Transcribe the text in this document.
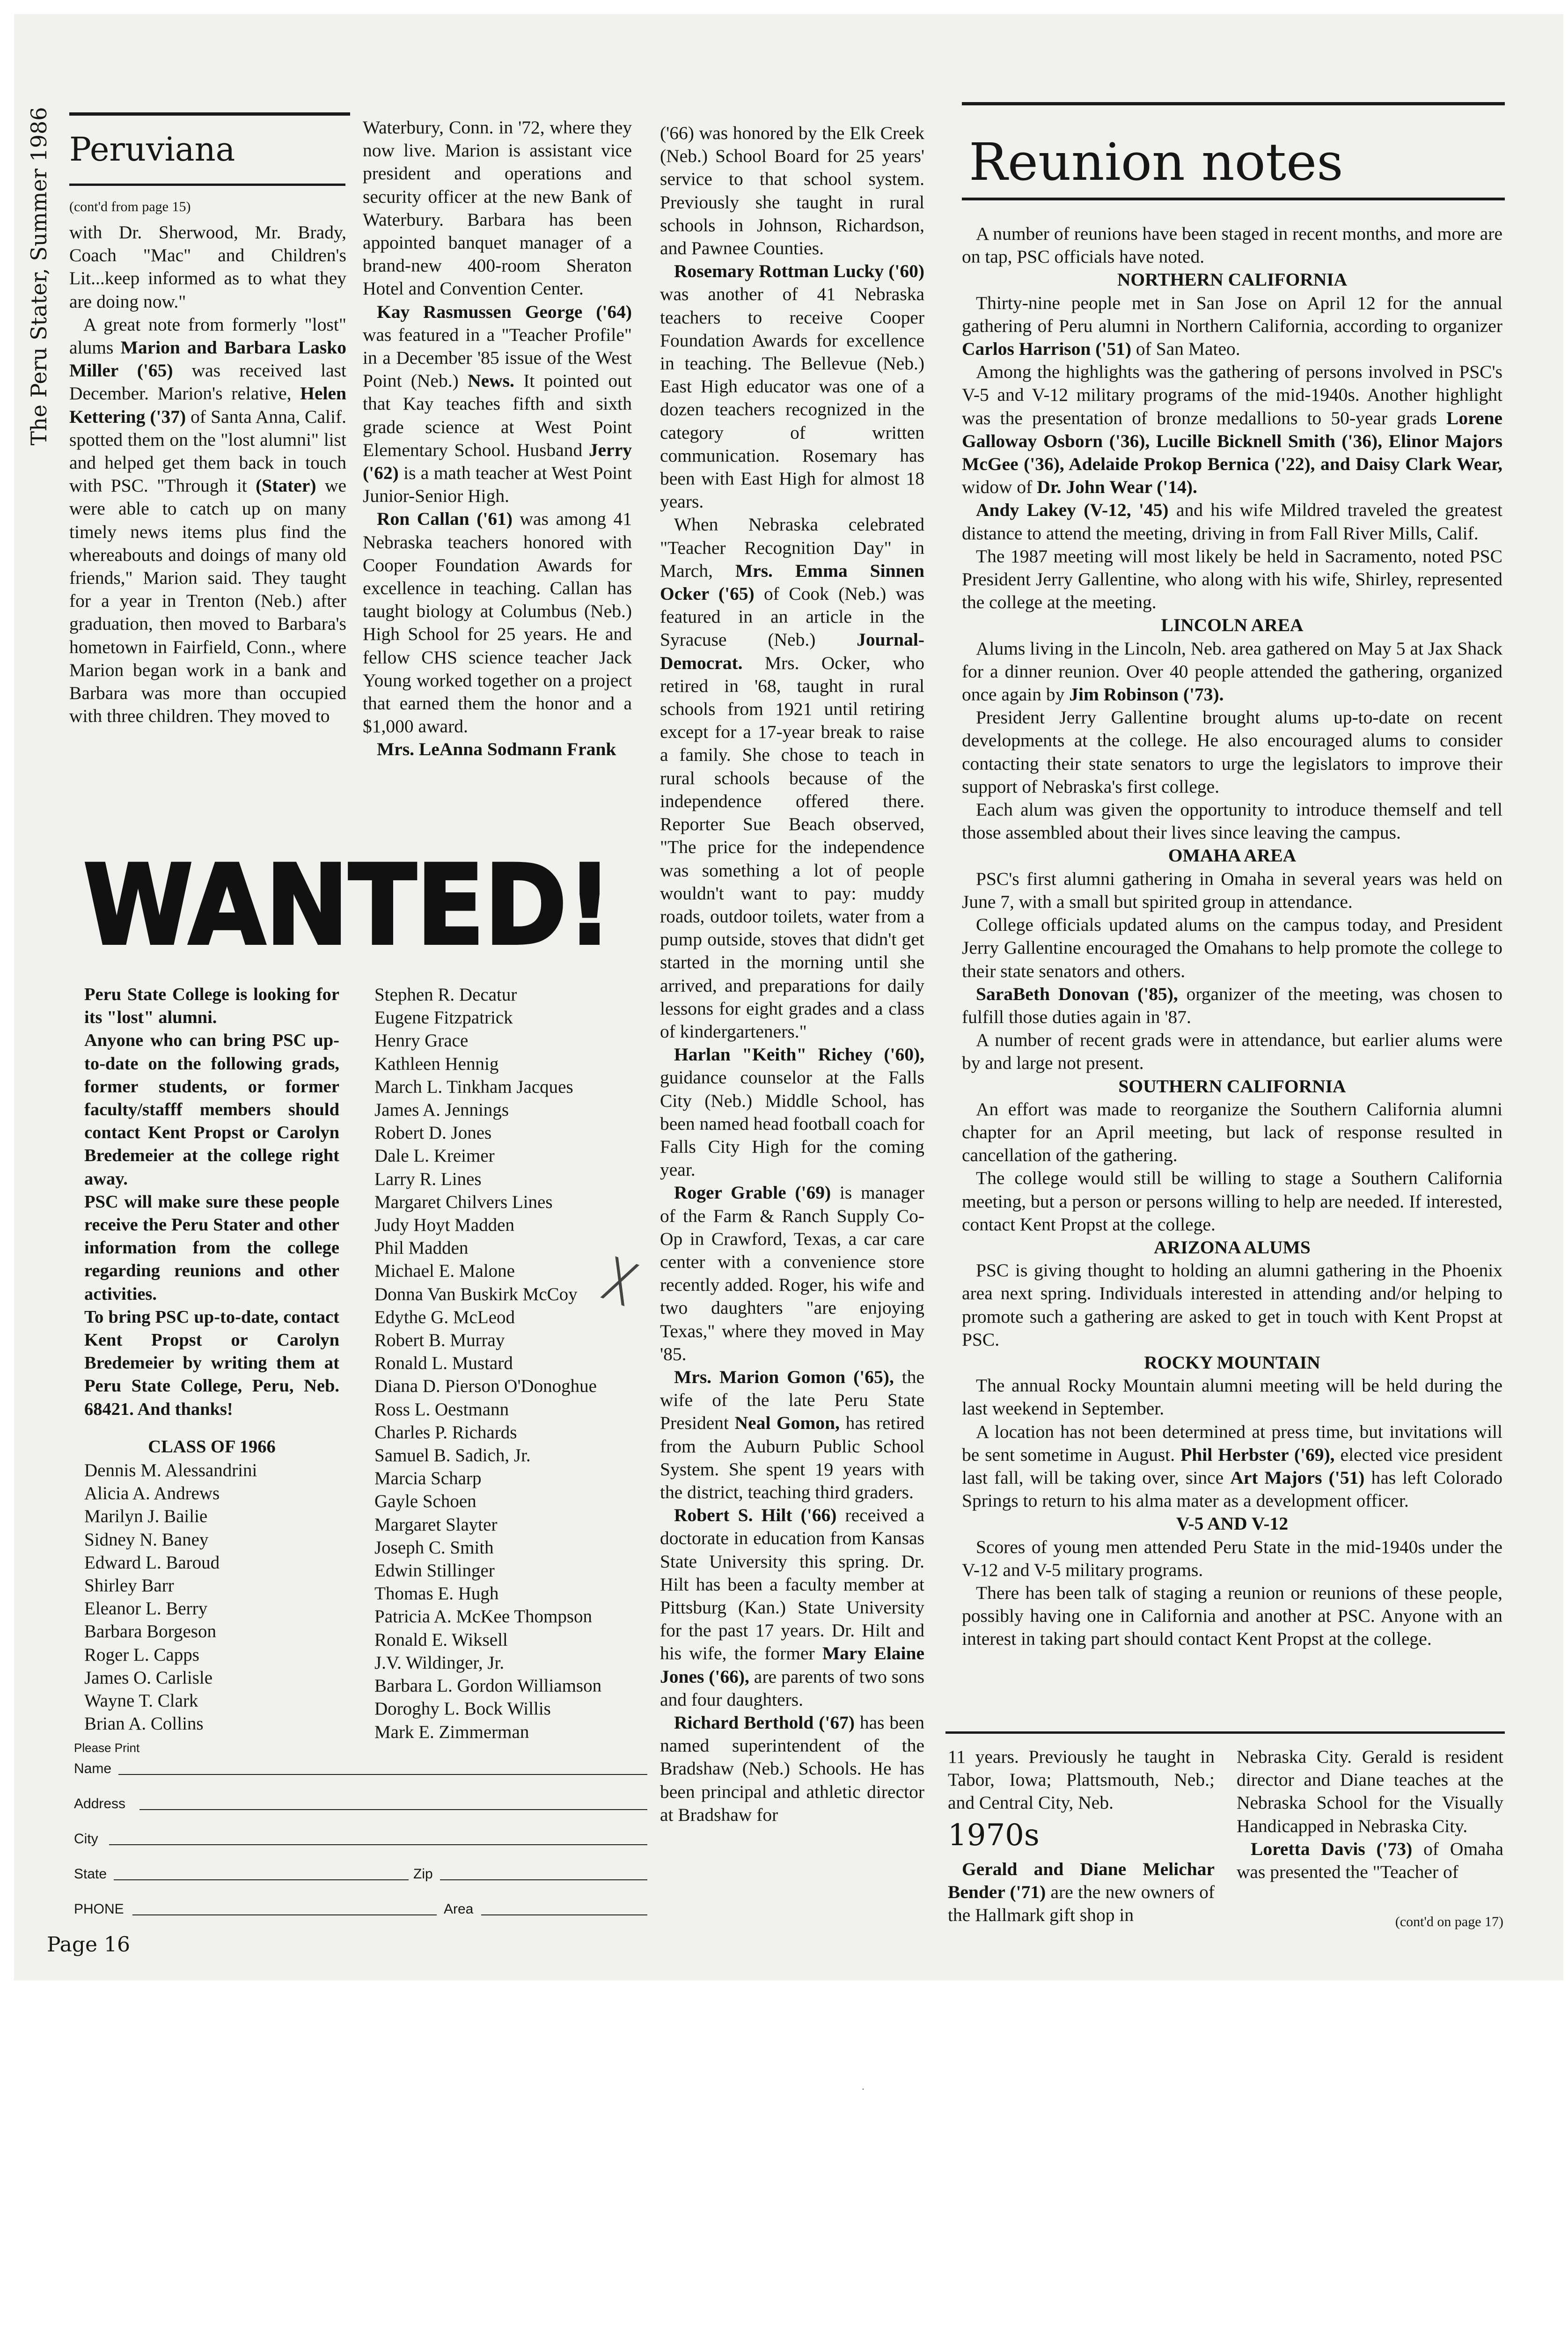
The Peru Stater, Summer 1986 Peruviana
(cont'd from page 15)

with Dr. Sherwood, Mr. Brady, Coach "Mac" and Children's Lit...keep informed as to what they are doing now."

A great note from formerly "lost" alums Marion and Barbara Lasko Miller ('65) was received last December. Marion's relative, Helen Kettering ('37) of Santa Anna, Calif. spotted them on the "lost alumni" list and helped get them back in touch with PSC. "Through it (Stater) we were able to catch up on many timely news items plus find the whereabouts and doings of many old friends," Marion said. They taught for a year in Trenton (Neb.) after graduation, then moved to Barbara's hometown in Fairfield, Conn., where Marion began work in a bank and Barbara was more than occupied with three children. They moved to

Waterbury, Conn. in '72, where they now live. Marion is assistant vice president and operations and security officer at the new Bank of Waterbury. Barbara has been appointed banquet manager of a brand-new 400-room Sheraton Hotel and Convention Center.

Kay Rasmussen George ('64) was featured in a "Teacher Profile" in a December '85 issue of the West Point (Neb.) News. It pointed out that Kay teaches fifth and sixth grade science at West Point Elementary School. Husband Jerry ('62) is a math teacher at West Point Junior-Senior High.

Ron Callan ('61) was among 41 Nebraska teachers honored with Cooper Foundation Awards for excellence in teaching. Callan has taught biology at Columbus (Neb.) High School for 25 years. He and fellow CHS science teacher Jack Young worked together on a project that earned them the honor and a $1,000 award.

Mrs. LeAnna Sodmann Frank

('66) was honored by the Elk Creek (Neb.) School Board for 25 years' service to that school system. Previously she taught in rural schools in Johnson, Richardson, and Pawnee Counties.

Rosemary Rottman Lucky ('60) was another of 41 Nebraska teachers to receive Cooper Foundation Awards for excellence in teaching. The Bellevue (Neb.) East High educator was one of a dozen teachers recognized in the category of written communication. Rosemary has been with East High for almost 18 years.

When Nebraska celebrated "Teacher Recognition Day" in March, Mrs. Emma Sinnen Ocker ('65) of Cook (Neb.) was featured in an article in the Syracuse (Neb.) Journal-Democrat. Mrs. Ocker, who retired in '68, taught in rural schools from 1921 until retiring except for a 17-year break to raise a family. She chose to teach in rural schools because of the independence offered there. Reporter Sue Beach observed, "The price for the independence was something a lot of people wouldn't want to pay: muddy roads, outdoor toilets, water from a pump outside, stoves that didn't get started in the morning until she arrived, and preparations for daily lessons for eight grades and a class of kindergarteners."

Harlan "Keith" Richey ('60), guidance counselor at the Falls City (Neb.) Middle School, has been named head football coach for Falls City High for the coming year.

Roger Grable ('69) is manager of the Farm & Ranch Supply Co-Op in Crawford, Texas, a car care center with a convenience store recently added. Roger, his wife and two daughters "are enjoying Texas," where they moved in May '85.

Mrs. Marion Gomon ('65), the wife of the late Peru State President Neal Gomon, has retired from the Auburn Public School System. She spent 19 years with the district, teaching third graders.

Robert S. Hilt ('66) received a doctorate in education from Kansas State University this spring. Dr. Hilt has been a faculty member at Pittsburg (Kan.) State University for the past 17 years. Dr. Hilt and his wife, the former Mary Elaine Jones ('66), are parents of two sons and four daughters.

Richard Berthold ('67) has been named superintendent of the Bradshaw (Neb.) Schools. He has been principal and athletic director at Bradshaw for

WANTED!

Peru State College is looking for its "lost" alumni.

Anyone who can bring PSC up-to-date on the following grads, former students, or former faculty/stafff members should contact Kent Propst or Carolyn Bredemeier at the college right away.

PSC will make sure these people receive the Peru Stater and other information from the college regarding reunions and other activities.

To bring PSC up-to-date, contact Kent Propst or Carolyn Bredemeier by writing them at Peru State College, Peru, Neb. 68421. And thanks!

CLASS OF 1966
Dennis M. Alessandrini
Alicia A. Andrews
Marilyn J. Bailie
Sidney N. Baney
Edward L. Baroud
Shirley Barr
Eleanor L. Berry
Barbara Borgeson
Roger L. Capps
James O. Carlisle
Wayne T. Clark
Brian A. Collins
Stephen R. Decatur
Eugene Fitzpatrick
Henry Grace
Kathleen Hennig
March L. Tinkham Jacques
James A. Jennings
Robert D. Jones
Dale L. Kreimer
Larry R. Lines
Margaret Chilvers Lines
Judy Hoyt Madden
Phil Madden
Michael E. Malone
Donna Van Buskirk McCoy
Edythe G. McLeod
Robert B. Murray
Ronald L. Mustard
Diana D. Pierson O'Donoghue
Ross L. Oestmann
Charles P. Richards
Samuel B. Sadich, Jr.
Marcia Scharp
Gayle Schoen
Margaret Slayter
Joseph C. Smith
Edwin Stillinger
Thomas E. Hugh
Patricia A. McKee Thompson
Ronald E. Wiksell
J.V. Wildinger, Jr.
Barbara L. Gordon Williamson
Doroghy L. Bock Willis
Mark E. Zimmerman
Please Print
Name
Address
City
State	Zip
PHONE	Area
Page 16
Reunion notes

A number of reunions have been staged in recent months, and more are on tap, PSC officials have noted.

NORTHERN CALIFORNIA

Thirty-nine people met in San Jose on April 12 for the annual gathering of Peru alumni in Northern California, according to organizer Carlos Harrison ('51) of San Mateo.

Among the highlights was the gathering of persons involved in PSC's V-5 and V-12 military programs of the mid-1940s. Another highlight was the presentation of bronze medallions to 50-year grads Lorene Galloway Osborn ('36), Lucille Bicknell Smith ('36), Elinor Majors McGee ('36), Adelaide Prokop Bernica ('22), and Daisy Clark Wear, widow of Dr. John Wear ('14).

Andy Lakey (V-12, '45) and his wife Mildred traveled the greatest distance to attend the meeting, driving in from Fall River Mills, Calif.

The 1987 meeting will most likely be held in Sacramento, noted PSC President Jerry Gallentine, who along with his wife, Shirley, represented the college at the meeting.

LINCOLN AREA

Alums living in the Lincoln, Neb. area gathered on May 5 at Jax Shack for a dinner reunion. Over 40 people attended the gathering, organized once again by Jim Robinson ('73).

President Jerry Gallentine brought alums up-to-date on recent developments at the college. He also encouraged alums to consider contacting their state senators to urge the legislators to improve their support of Nebraska's first college.

Each alum was given the opportunity to introduce themself and tell those assembled about their lives since leaving the campus.

OMAHA AREA

PSC's first alumni gathering in Omaha in several years was held on June 7, with a small but spirited group in attendance.

College officials updated alums on the campus today, and President Jerry Gallentine encouraged the Omahans to help promote the college to their state senators and others.

SaraBeth Donovan ('85), organizer of the meeting, was chosen to fulfill those duties again in '87.

A number of recent grads were in attendance, but earlier alums were by and large not present.

SOUTHERN CALIFORNIA

An effort was made to reorganize the Southern California alumni chapter for an April meeting, but lack of response resulted in cancellation of the gathering.

The college would still be willing to stage a Southern California meeting, but a person or persons willing to help are needed. If interested, contact Kent Propst at the college.

ARIZONA ALUMS

PSC is giving thought to holding an alumni gathering in the Phoenix area next spring. Individuals interested in attending and/or helping to promote such a gathering are asked to get in touch with Kent Propst at PSC.

ROCKY MOUNTAIN

The annual Rocky Mountain alumni meeting will be held during the last weekend in September.

A location has not been determined at press time, but invitations will be sent sometime in August. Phil Herbster ('69), elected vice president last fall, will be taking over, since Art Majors ('51) has left Colorado Springs to return to his alma mater as a development officer.

V-5 AND V-12

Scores of young men attended Peru State in the mid-1940s under the V-12 and V-5 military programs.

There has been talk of staging a reunion or reunions of these people, possibly having one in California and another at PSC. Anyone with an interest in taking part should contact Kent Propst at the college.

11 years. Previously he taught in Tabor, Iowa; Plattsmouth, Neb.; and Central City, Neb.

1970s

Gerald and Diane Melichar Bender ('71) are the new owners of the Hallmark gift shop in

Nebraska City. Gerald is resident director and Diane teaches at the Nebraska School for the Visually Handicapped in Nebraska City.

Loretta Davis ('73) of Omaha was presented the "Teacher of

(cont'd on page 17)
╳
·
